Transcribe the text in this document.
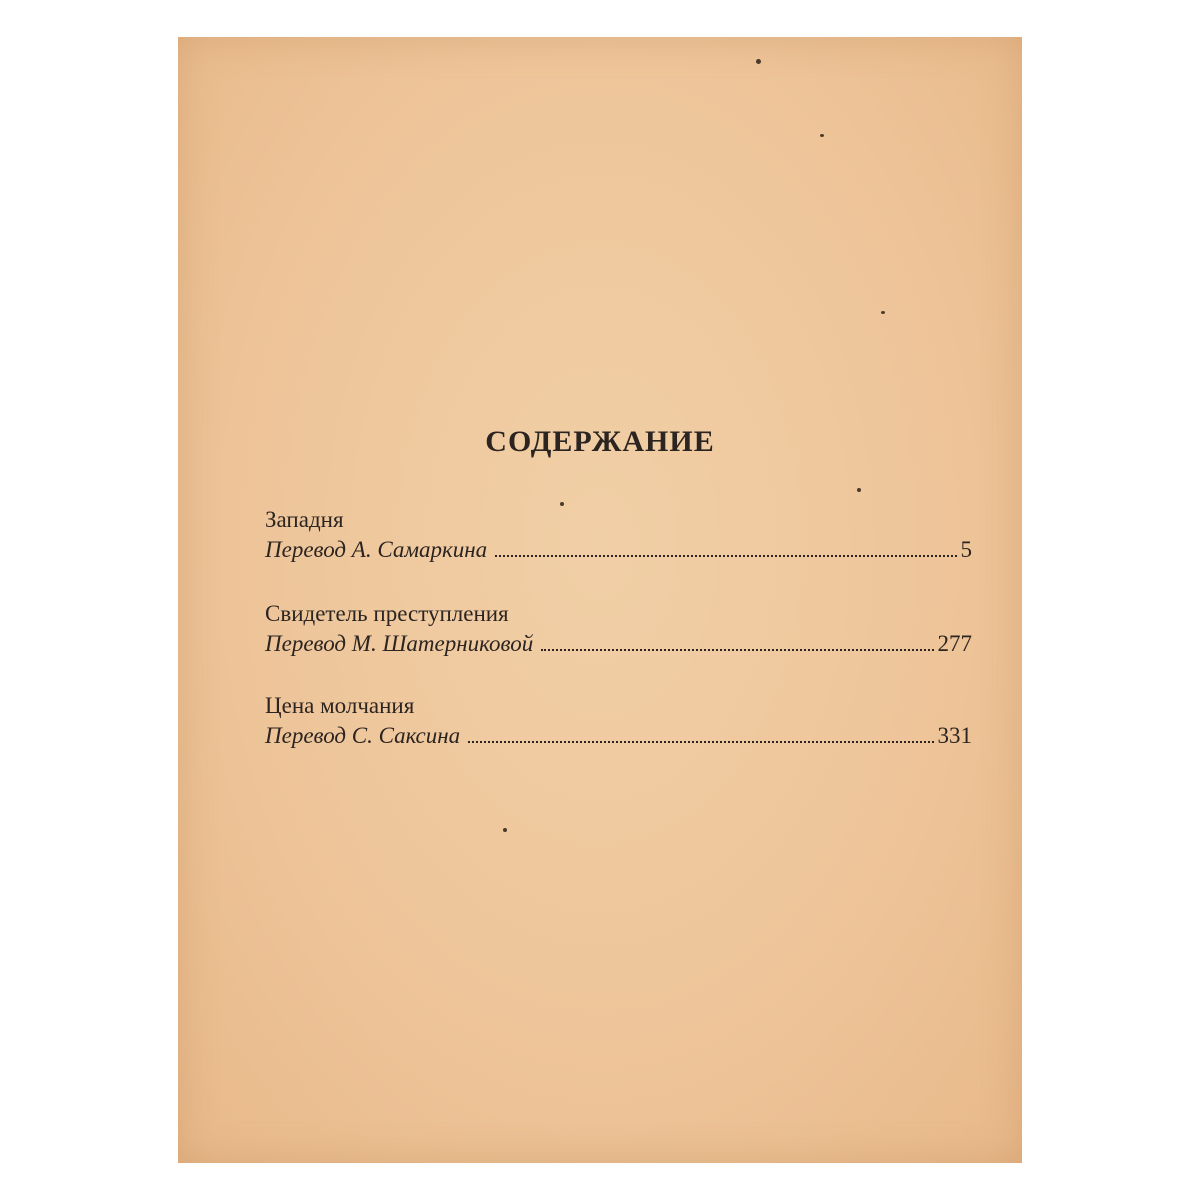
СОДЕРЖАНИЕ
Западня
Перевод А. Самаркина	5
Свидетель преступления
Перевод М. Шатерниковой	277
Цена молчания
Перевод С. Саксина	331
